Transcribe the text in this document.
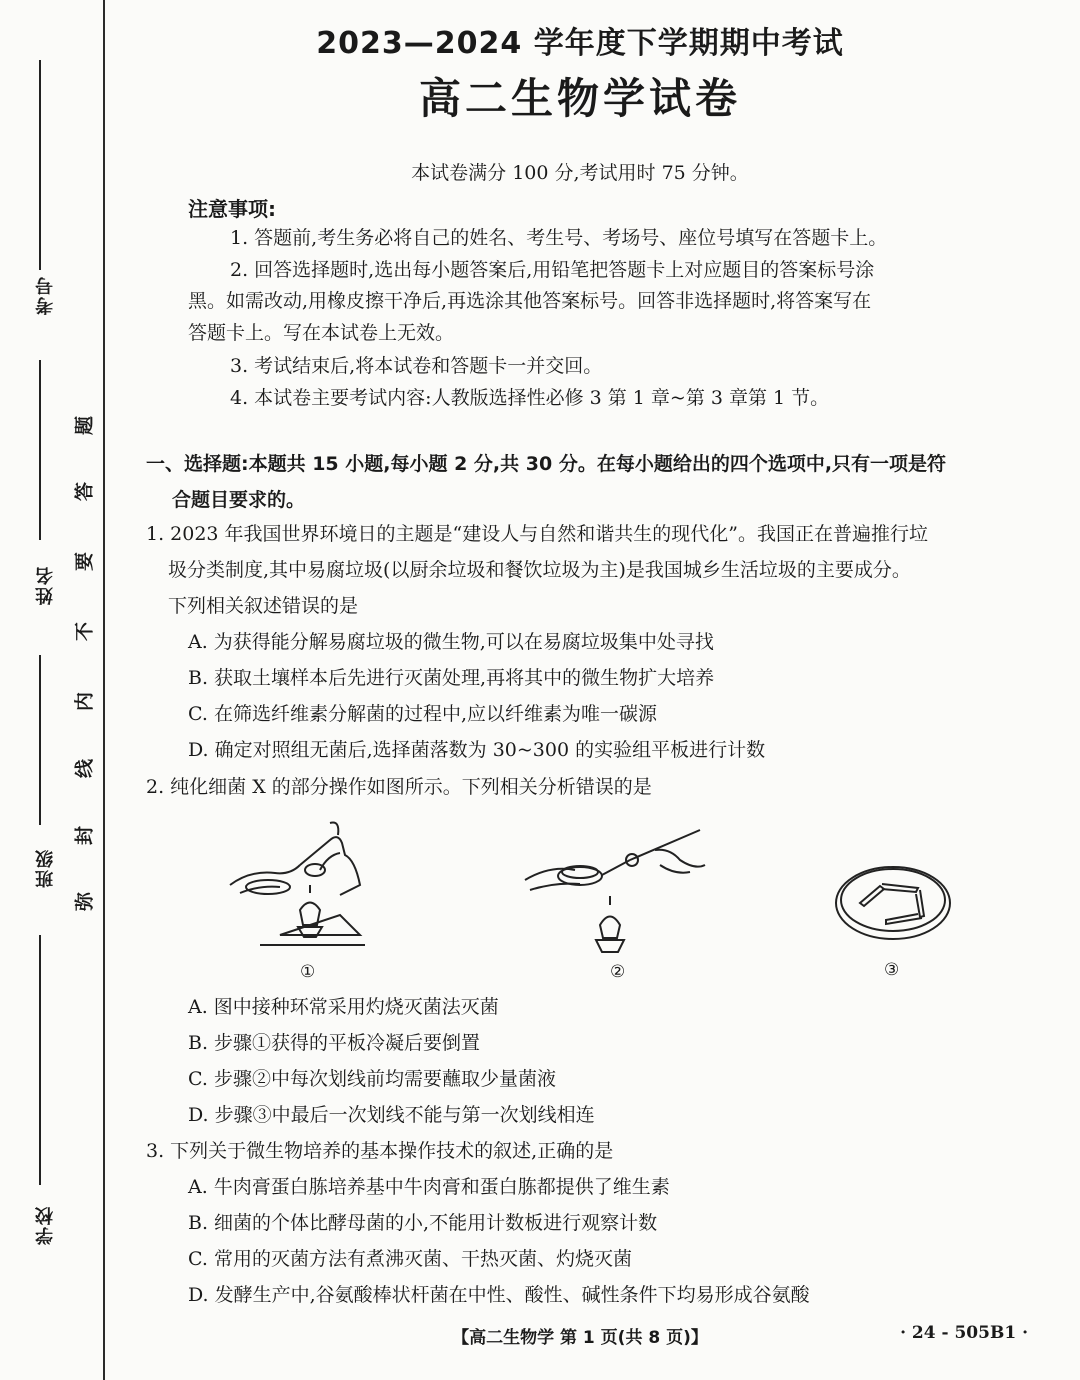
考号
姓名
班级
学校
题
答
要
不
内
线
封
弥
2023—2024 学年度下学期期中考试
高二生物学试卷
本试卷满分 100 分,考试用时 75 分钟。
注意事项:
1. 答题前,考生务必将自己的姓名、考生号、考场号、座位号填写在答题卡上。
2. 回答选择题时,选出每小题答案后,用铅笔把答题卡上对应题目的答案标号涂
黑。如需改动,用橡皮擦干净后,再选涂其他答案标号。回答非选择题时,将答案写在
答题卡上。写在本试卷上无效。
3. 考试结束后,将本试卷和答题卡一并交回。
4. 本试卷主要考试内容:人教版选择性必修 3 第 1 章~第 3 章第 1 节。
一、选择题:本题共 15 小题,每小题 2 分,共 30 分。在每小题给出的四个选项中,只有一项是符
合题目要求的。
1. 2023 年我国世界环境日的主题是“建设人与自然和谐共生的现代化”。我国正在普遍推行垃
圾分类制度,其中易腐垃圾(以厨余垃圾和餐饮垃圾为主)是我国城乡生活垃圾的主要成分。
下列相关叙述错误的是
A. 为获得能分解易腐垃圾的微生物,可以在易腐垃圾集中处寻找
B. 获取土壤样本后先进行灭菌处理,再将其中的微生物扩大培养
C. 在筛选纤维素分解菌的过程中,应以纤维素为唯一碳源
D. 确定对照组无菌后,选择菌落数为 30~300 的实验组平板进行计数
2. 纯化细菌 X 的部分操作如图所示。下列相关分析错误的是
①	②	③
A. 图中接种环常采用灼烧灭菌法灭菌
B. 步骤①获得的平板冷凝后要倒置
C. 步骤②中每次划线前均需要蘸取少量菌液
D. 步骤③中最后一次划线不能与第一次划线相连
3. 下列关于微生物培养的基本操作技术的叙述,正确的是
A. 牛肉膏蛋白胨培养基中牛肉膏和蛋白胨都提供了维生素
B. 细菌的个体比酵母菌的小,不能用计数板进行观察计数
C. 常用的灭菌方法有煮沸灭菌、干热灭菌、灼烧灭菌
D. 发酵生产中,谷氨酸棒状杆菌在中性、酸性、碱性条件下均易形成谷氨酸
【高二生物学 第 1 页(共 8 页)】	· 24 - 505B1 ·
